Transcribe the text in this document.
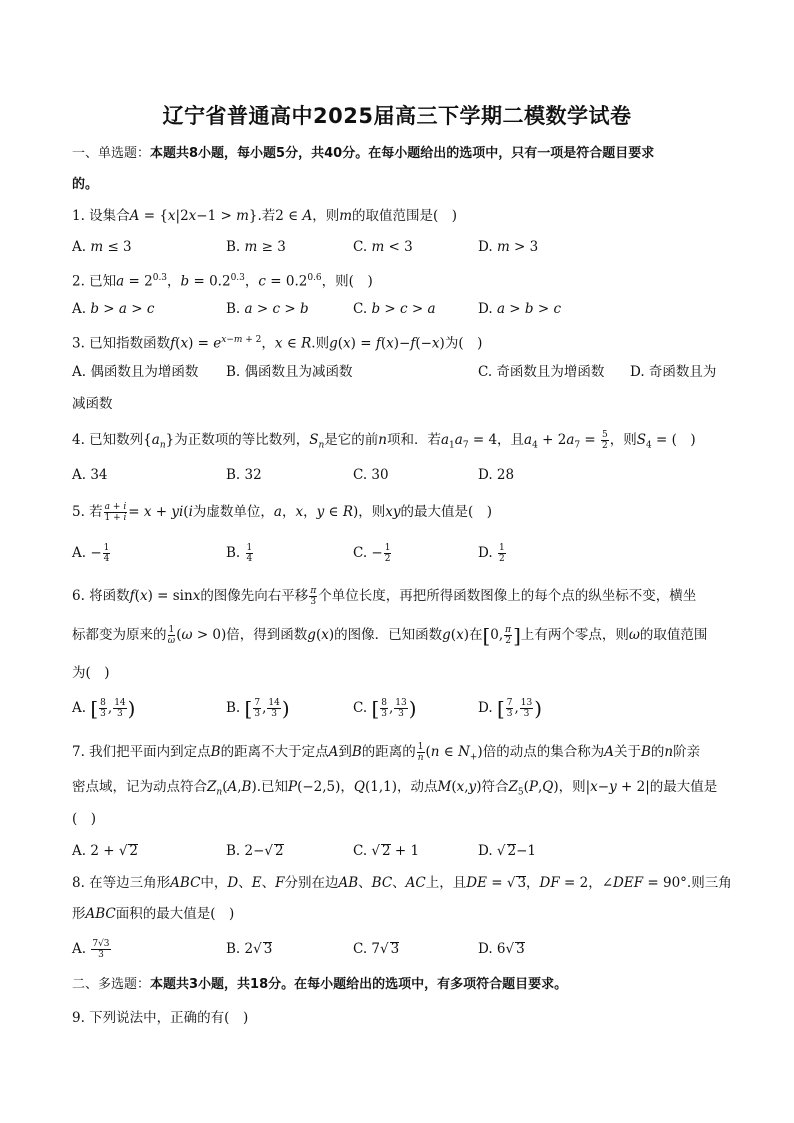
辽宁省普通高中2025届高三下学期二模数学试卷
一、单选题：本题共8小题，每小题5分，共40分。在每小题给出的选项中，只有一项是符合题目要求
的。
1. 设集合A = {x|2x−1 > m}.若2 ∈ A，则m的取值范围是(　)
A. m ≤ 3	B. m ≥ 3	C. m < 3	D. m > 3
2. 已知$a = 2^{0.3}$，$b = 0.2^{0.3}$，$c = 0.2^{0.6}$，则(　)
A. b > a > c	B. a > c > b	C. b > c > a	D. a > b > c
3. 已知指数函数$f(x) = e^{x-m + 2}$，x ∈ R.则g(x) = f(x)−f(−x)为(　)
A. 偶函数且为增函数 B. 偶函数且为减函数	C. 奇函数且为增函数 D. 奇函数且为
减函数
4. 已知数列$\{a_n\}$为正数项的等比数列，$S_n$是它的前n项和．若$a_1a_7 = 4$，且$a_4 + 2a_7 = \frac{5}{2}$ ，则$S_4$ = (　)
A. 34	B. 32	C. 30	D. 28
5. 若 $\frac{a + i}{1 + i} = x + yi(i$为虚数单位，a，x，y ∈ R)，则xy的最大值是(　)
A. − $\frac{1}{4}$	B. $\frac{1}{4}$	C. − $\frac{1}{2}$	D. $\frac{1}{2}$
6. 将函数f(x) = sinx的图像先向右平移 $\frac{\pi}{3}$ 个单位长度，再把所得函数图像上的每个点的纵坐标不变，横坐
标都变为原来的 $\frac{1}{\omega} (\omega > 0)$倍，得到函数g(x)的图像．已知函数g(x)在[0, $\frac{\pi}{2}$ ]上有两个零点，则ω的取值范围
为(　)
A. [ $\frac{8}{3}$ , $\frac{14}{3}$ )	B. [ $\frac{7}{3}$ , $\frac{14}{3}$ )	C. [ $\frac{8}{3}$ , $\frac{13}{3}$ )	D. [ $\frac{7}{3}$ , $\frac{13}{3}$ )
7. 我们把平面内到定点B的距离不大于定点A到B的距离的 $\frac{1}{n} (n$ ∈ $N_+$)倍的动点的集合称为A关于B的n阶亲
密点域，记为动点符合$Z_n(A,B)$.已知P(−2,5)，Q(1,1)，动点M(x,y)符合$Z_5(P,Q)$，则|x−y + 2|的最大值是
(　)
A. 2 + √ 2	B. 2−√ 2	C. √ 2 + 1	D. √ 2−1
8. 在等边三角形ABC中，D、E、F分别在边AB、BC、AC上，且DE = √ 3，DF = 2，∠DEF = 90°.则三角
形ABC面积的最大值是(　)
A. $\frac{7√3}{3}$	B. 2√ 3	C. 7√ 3	D. 6√ 3
二、多选题：本题共3小题，共18分。在每小题给出的选项中，有多项符合题目要求。
9. 下列说法中，正确的有(　)
